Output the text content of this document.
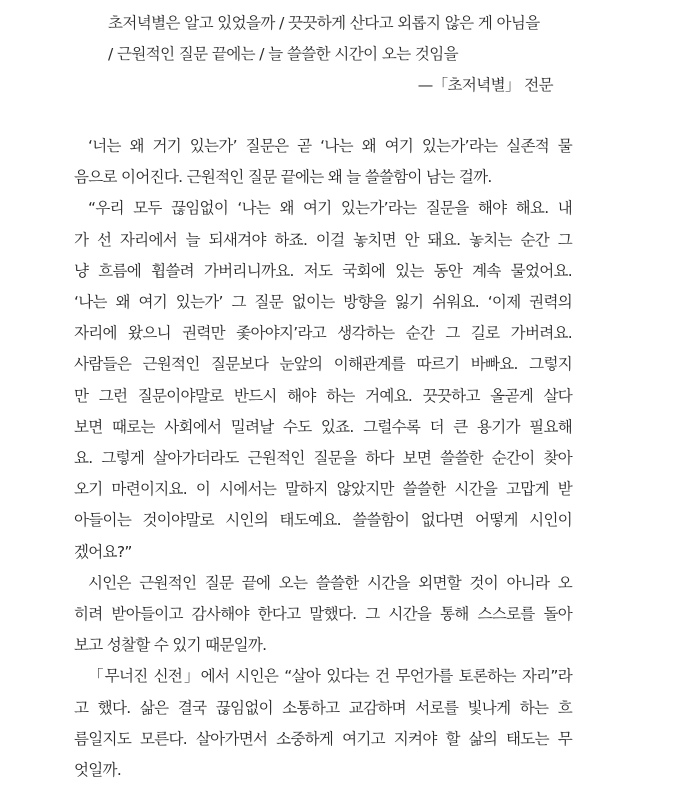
초저녁별은 알고 있었을까 / 끗끗하게 산다고 외롭지 않은 게 아님을
/ 근원적인 질문 끝에는 / 늘 쓸쓸한 시간이 오는 것임을
—「초저녁별」 전문

‘너는 왜 거기 있는가’ 질문은 곧 ‘나는 왜 여기 있는가’라는 실존적 물
음으로 이어진다. 근원적인 질문 끝에는 왜 늘 쓸쓸함이 남는 걸까.

“우리 모두 끊임없이 ‘나는 왜 여기 있는가’라는 질문을 해야 해요. 내
가 선 자리에서 늘 되새겨야 하죠. 이걸 놓치면 안 돼요. 놓치는 순간 그
냥 흐름에 휩쓸려 가버리니까요. 저도 국회에 있는 동안 계속 물었어요.
‘나는 왜 여기 있는가’ 그 질문 없이는 방향을 잃기 쉬워요. ‘이제 권력의
자리에 왔으니 권력만 좇아야지’라고 생각하는 순간 그 길로 가버려요.
사람들은 근원적인 질문보다 눈앞의 이해관계를 따르기 바빠요. 그렇지
만 그런 질문이야말로 반드시 해야 하는 거예요. 끗끗하고 올곧게 살다
보면 때로는 사회에서 밀려날 수도 있죠. 그럴수록 더 큰 용기가 필요해
요. 그렇게 살아가더라도 근원적인 질문을 하다 보면 쓸쓸한 순간이 찾아
오기 마련이지요. 이 시에서는 말하지 않았지만 쓸쓸한 시간을 고맙게 받
아들이는 것이야말로 시인의 태도예요. 쓸쓸함이 없다면 어떻게 시인이
겠어요?”

시인은 근원적인 질문 끝에 오는 쓸쓸한 시간을 외면할 것이 아니라 오
히려 받아들이고 감사해야 한다고 말했다. 그 시간을 통해 스스로를 돌아
보고 성찰할 수 있기 때문일까.

「무너진 신전」에서 시인은 “살아 있다는 건 무언가를 토론하는 자리”라
고 했다. 삶은 결국 끊임없이 소통하고 교감하며 서로를 빛나게 하는 흐
름일지도 모른다. 살아가면서 소중하게 여기고 지켜야 할 삶의 태도는 무
엇일까.
